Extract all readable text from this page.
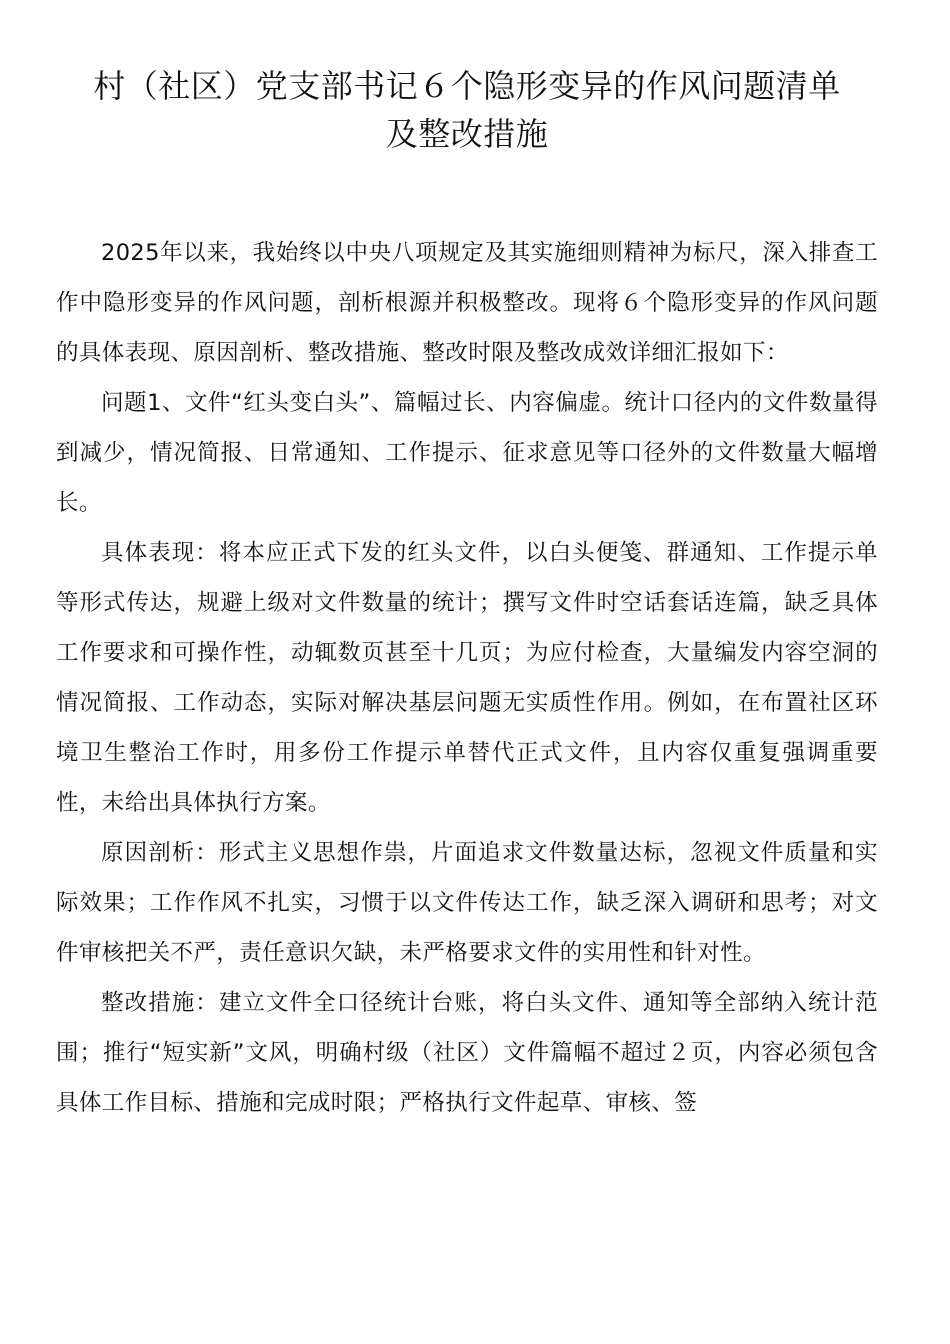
村（社区）党支部书记６个隐形变异的作风问题清单
及整改措施

2025年以来，我始终以中央八项规定及其实施细则精神为标尺，深入排查工作中隐形变异的作风问题，剖析根源并积极整改。现将６个隐形变异的作风问题的具体表现、原因剖析、整改措施、整改时限及整改成效详细汇报如下：

问题1、文件“红头变白头”、篇幅过长、内容偏虚。统计口径内的文件数量得到减少，情况简报、日常通知、工作提示、征求意见等口径外的文件数量大幅增长。

具体表现：将本应正式下发的红头文件，以白头便笺、群通知、工作提示单等形式传达，规避上级对文件数量的统计；撰写文件时空话套话连篇，缺乏具体工作要求和可操作性，动辄数页甚至十几页；为应付检查，大量编发内容空洞的情况简报、工作动态，实际对解决基层问题无实质性作用。例如，在布置社区环境卫生整治工作时，用多份工作提示单替代正式文件，且内容仅重复强调重要性，未给出具体执行方案。

原因剖析：形式主义思想作祟，片面追求文件数量达标，忽视文件质量和实际效果；工作作风不扎实，习惯于以文件传达工作，缺乏深入调研和思考；对文件审核把关不严，责任意识欠缺，未严格要求文件的实用性和针对性。

整改措施：建立文件全口径统计台账，将白头文件、通知等全部纳入统计范围；推行“短实新”文风，明确村级（社区）文件篇幅不超过２页，内容必须包含具体工作目标、措施和完成时限；严格执行文件起草、审核、签
